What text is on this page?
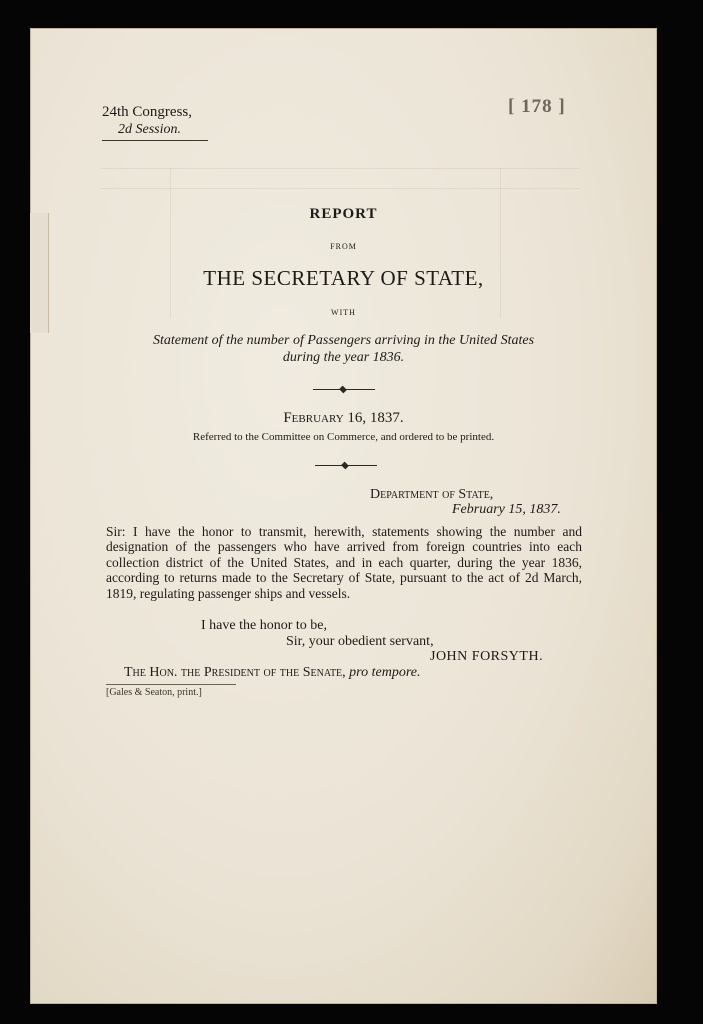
24th Congress,
2d Session.
[ 178 ]
REPORT
FROM
THE SECRETARY OF STATE,
WITH
Statement of the number of Passengers arriving in the United States
during the year 1836.
February 16, 1837.
Referred to the Committee on Commerce, and ordered to be printed.
Department of State,
February 15, 1837.
Sir: I have the honor to transmit, herewith, statements showing the number and designation of the passengers who have arrived from foreign countries into each collection district of the United States, and in each quarter, during the year 1836, according to returns made to the Secretary of State, pursuant to the act of 2d March, 1819, regulating passenger ships and vessels.
I have the honor to be,
Sir, your obedient servant,
JOHN FORSYTH.
The Hon. the President of the Senate, pro tempore.
[Gales & Seaton, print.]
